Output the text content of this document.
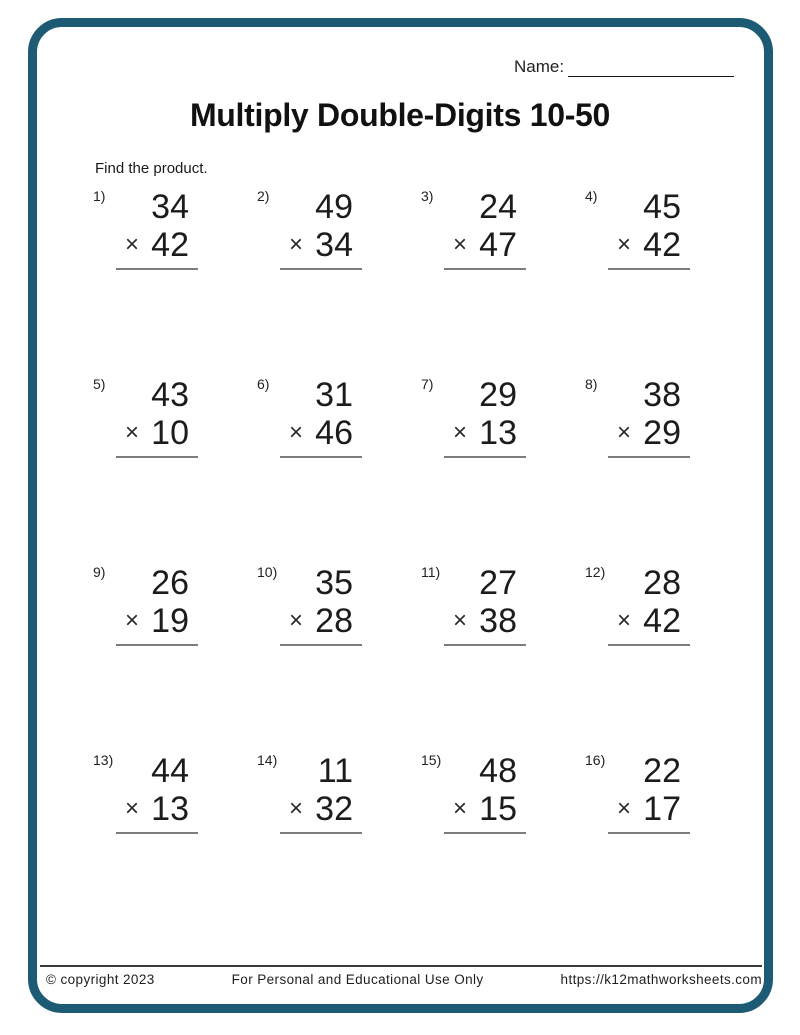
Name:
Multiply Double-Digits 10-50
Find the product.
1)	34
× 42
2)	49
× 34
3)	24
× 47
4)	45
× 42
5)	43
× 10
6)	31
× 46
7)	29
× 13
8)	38
× 29
9)	26
× 19
10)	35
× 28
11)	27
× 38
12)	28
× 42
13)	44
× 13
14)	11
× 32
15)	48
× 15
16)	22
× 17
© copyright 2023	For Personal and Educational Use Only	https://k12mathworksheets.com
